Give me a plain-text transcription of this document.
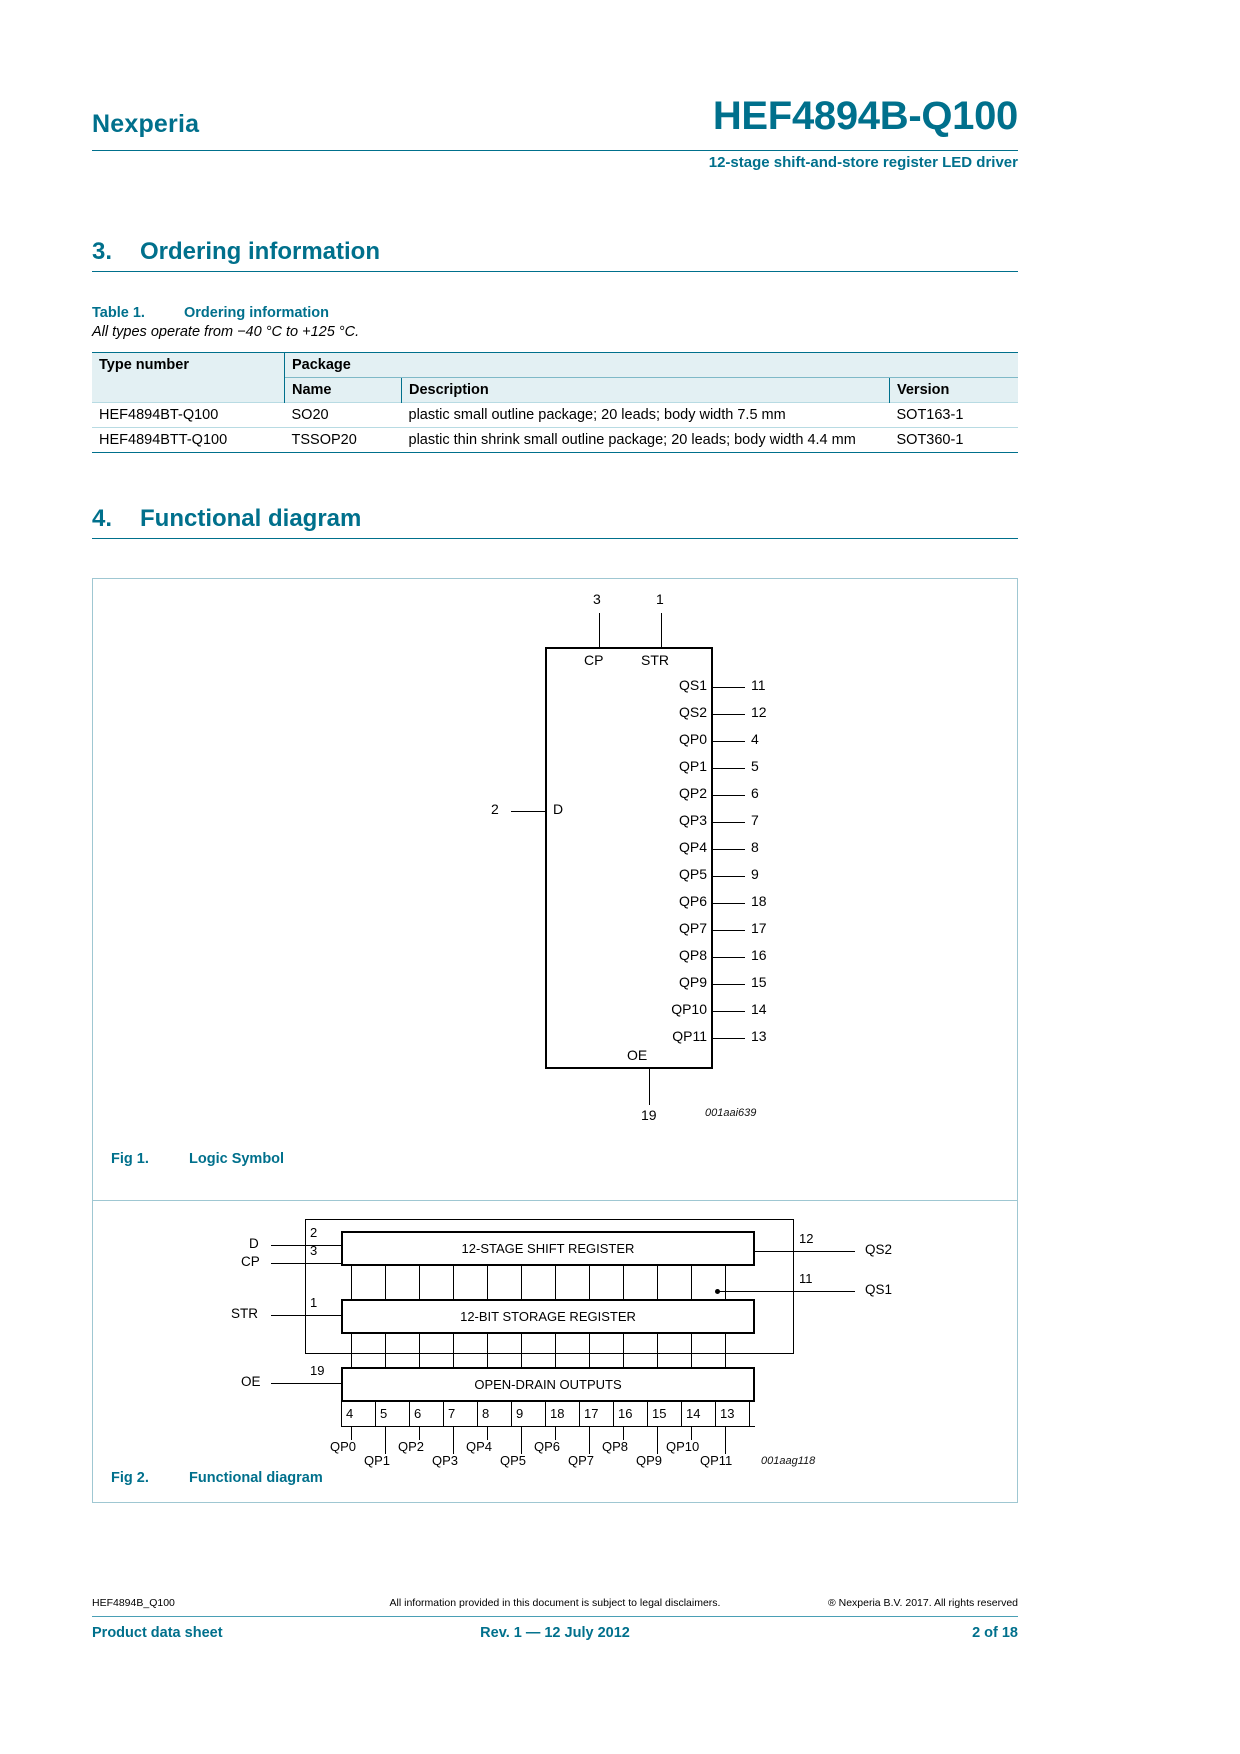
Nexperia	HEF4894B-Q100
12-stage shift-and-store register LED driver
3.	Ordering information
Table 1.	Ordering information
All types operate from −40 °C to +125 °C.
Type number	Package		
	Name	Description	Version
HEF4894BT-Q100	SO20	plastic small outline package; 20 leads; body width 7.5 mm	SOT163-1
HEF4894BTT-Q100	TSSOP20	plastic thin shrink small outline package; 20 leads; body width 4.4 mm	SOT360-1
4.	Functional diagram
3	1
CP	STR
2	D
OE
19
QS1	11
QS2	12
QP0	4
QP1	5
QP2	6
QP3	7
QP4	8
QP5	9
QP6	18
QP7	17
QP8	16
QP9	15
QP10	14
QP11	13
001aai639
Fig 1.	Logic Symbol
12-STAGE SHIFT REGISTER
12-BIT STORAGE REGISTER
OPEN-DRAIN OUTPUTS
4 5 6 7 8 9 18 17 16 15 14 13
QP0
QP1
QP2
QP3
QP4
QP5
QP6
QP7
QP8
QP9
QP10
QP11
D
2
CP
3
STR
1
OE
19
12
QS2
11
QS1
001aag118
Fig 2.	Functional diagram
HEF4894B_Q100	All information provided in this document is subject to legal disclaimers.	® Nexperia B.V. 2017. All rights reserved
Product data sheet	Rev. 1 — 12 July 2012	2 of 18
